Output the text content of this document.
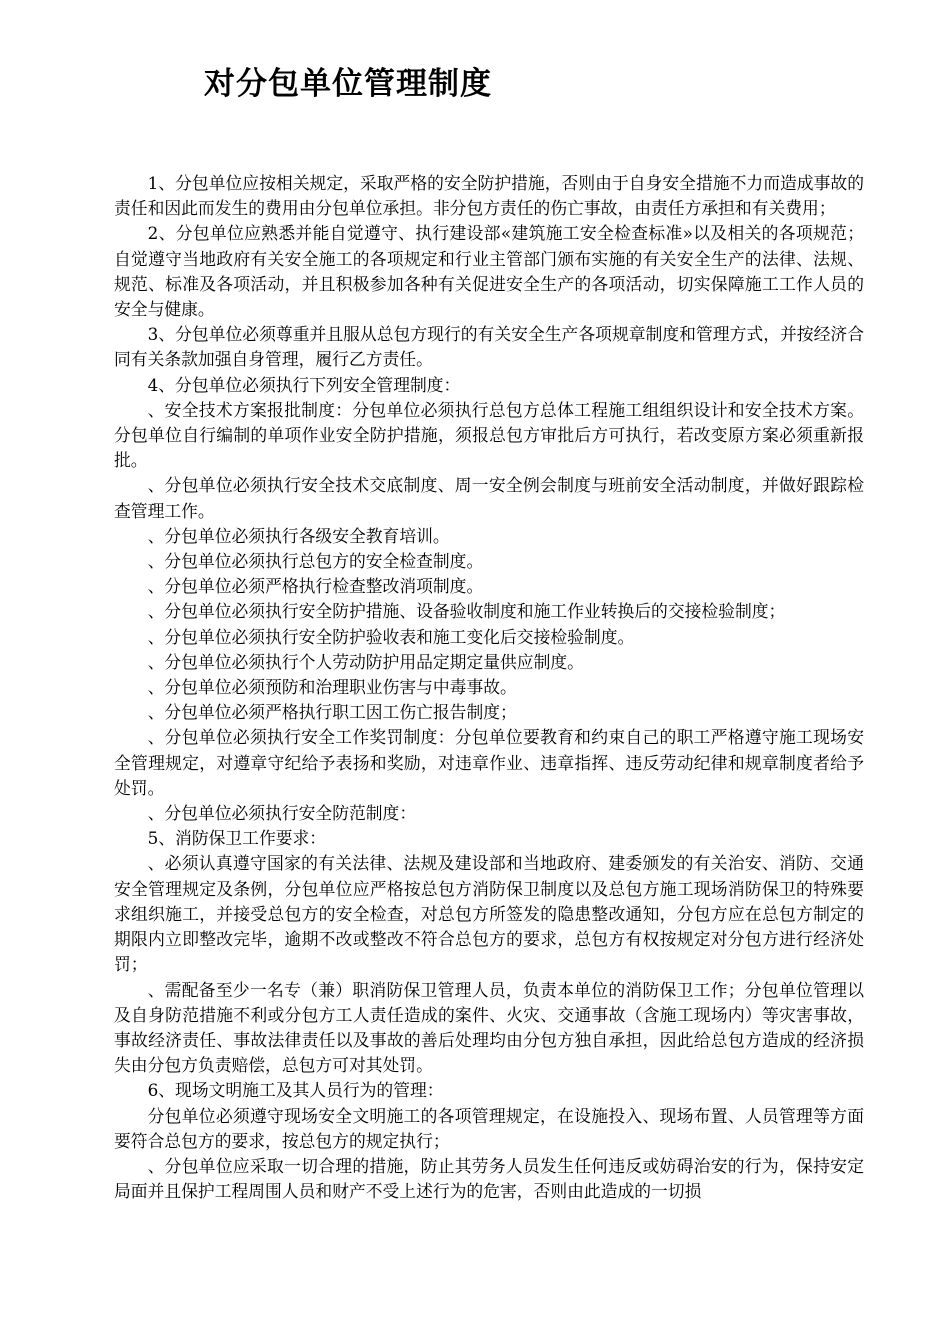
对分包单位管理制度

1、分包单位应按相关规定，采取严格的安全防护措施，否则由于自身安全措施不力而造成事故的责任和因此而发生的费用由分包单位承担。非分包方责任的伤亡事故，由责任方承担和有关费用；

2、分包单位应熟悉并能自觉遵守、执行建设部«建筑施工安全检查标准»以及相关的各项规范；自觉遵守当地政府有关安全施工的各项规定和行业主管部门颁布实施的有关安全生产的法律、法规、规范、标准及各项活动，并且积极参加各种有关促进安全生产的各项活动，切实保障施工工作人员的安全与健康。

3、分包单位必须尊重并且服从总包方现行的有关安全生产各项规章制度和管理方式，并按经济合同有关条款加强自身管理，履行乙方责任。

4、分包单位必须执行下列安全管理制度：

、安全技术方案报批制度：分包单位必须执行总包方总体工程施工组组织设计和安全技术方案。分包单位自行编制的单项作业安全防护措施，须报总包方审批后方可执行，若改变原方案必须重新报批。

、分包单位必须执行安全技术交底制度、周一安全例会制度与班前安全活动制度，并做好跟踪检查管理工作。

、分包单位必须执行各级安全教育培训。

、分包单位必须执行总包方的安全检查制度。

、分包单位必须严格执行检查整改消项制度。

、分包单位必须执行安全防护措施、设备验收制度和施工作业转换后的交接检验制度；

、分包单位必须执行安全防护验收表和施工变化后交接检验制度。

、分包单位必须执行个人劳动防护用品定期定量供应制度。

、分包单位必须预防和治理职业伤害与中毒事故。

、分包单位必须严格执行职工因工伤亡报告制度；

、分包单位必须执行安全工作奖罚制度：分包单位要教育和约束自己的职工严格遵守施工现场安全管理规定，对遵章守纪给予表扬和奖励，对违章作业、违章指挥、违反劳动纪律和规章制度者给予处罚。

、分包单位必须执行安全防范制度：

5、消防保卫工作要求：

、必须认真遵守国家的有关法律、法规及建设部和当地政府、建委颁发的有关治安、消防、交通安全管理规定及条例，分包单位应严格按总包方消防保卫制度以及总包方施工现场消防保卫的特殊要求组织施工，并接受总包方的安全检查，对总包方所签发的隐患整改通知，分包方应在总包方制定的期限内立即整改完毕，逾期不改或整改不符合总包方的要求，总包方有权按规定对分包方进行经济处罚；

、需配备至少一名专（兼）职消防保卫管理人员，负责本单位的消防保卫工作；分包单位管理以及自身防范措施不利或分包方工人责任造成的案件、火灾、交通事故（含施工现场内）等灾害事故，事故经济责任、事故法律责任以及事故的善后处理均由分包方独自承担，因此给总包方造成的经济损失由分包方负责赔偿，总包方可对其处罚。

6、现场文明施工及其人员行为的管理：

分包单位必须遵守现场安全文明施工的各项管理规定，在设施投入、现场布置、人员管理等方面要符合总包方的要求，按总包方的规定执行；

、分包单位应采取一切合理的措施，防止其劳务人员发生任何违反或妨碍治安的行为，保持安定局面并且保护工程周围人员和财产不受上述行为的危害，否则由此造成的一切损
